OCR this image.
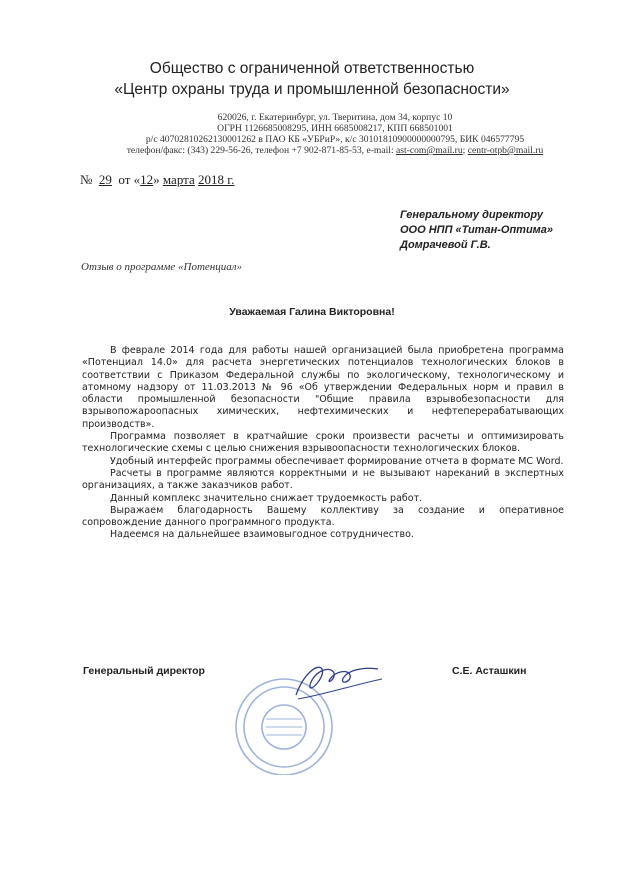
Общество с ограниченной ответственностью
«Центр охраны труда и промышленной безопасности»
620026, г. Екатеринбург, ул. Тверитина, дом 34, корпус 10
ОГРН 1126685008295, ИНН 6685008217, КПП 668501001
р/с 40702810262130001262 в ПАО КБ «УБРиР», к/с 30101810900000000795, БИК 046577795
телефон/факс: (343) 229-56-26, телефон +7 902-871-85-53, e-mail: ast-com@mail.ru; centr-otpb@mail.ru
№ 29 от «12» марта 2018 г.
Генеральному директору
ООО НПП «Титан-Оптима»
Домрачевой Г.В.
Отзыв о программе «Потенциал»
Уважаемая Галина Викторовна!

В феврале 2014 года для работы нашей организацией была приобретена программа «Потенциал 14.0» для расчета энергетических потенциалов технологических блоков в соответствии с Приказом Федеральной службы по экологическому, технологическому и атомному надзору от 11.03.2013 № 96 «Об утверждении Федеральных норм и правил в области промышленной безопасности "Общие правила взрывобезопасности для взрывопожароопасных химических, нефтехимических и нефтеперерабатывающих производств».

Программа позволяет в кратчайшие сроки произвести расчеты и оптимизировать технологические схемы с целью снижения взрывоопасности технологических блоков.

Удобный интерфейс программы обеспечивает формирование отчета в формате МС Word.

Расчеты в программе являются корректными и не вызывают нареканий в экспертных организациях, а также заказчиков работ.

Данный комплекс значительно снижает трудоемкость работ.

Выражаем благодарность Вашему коллективу за создание и оперативное сопровождение данного программного продукта.

Надеемся на дальнейшее взаимовыгодное сотрудничество.

Генеральный директор	С.Е. Асташкин
